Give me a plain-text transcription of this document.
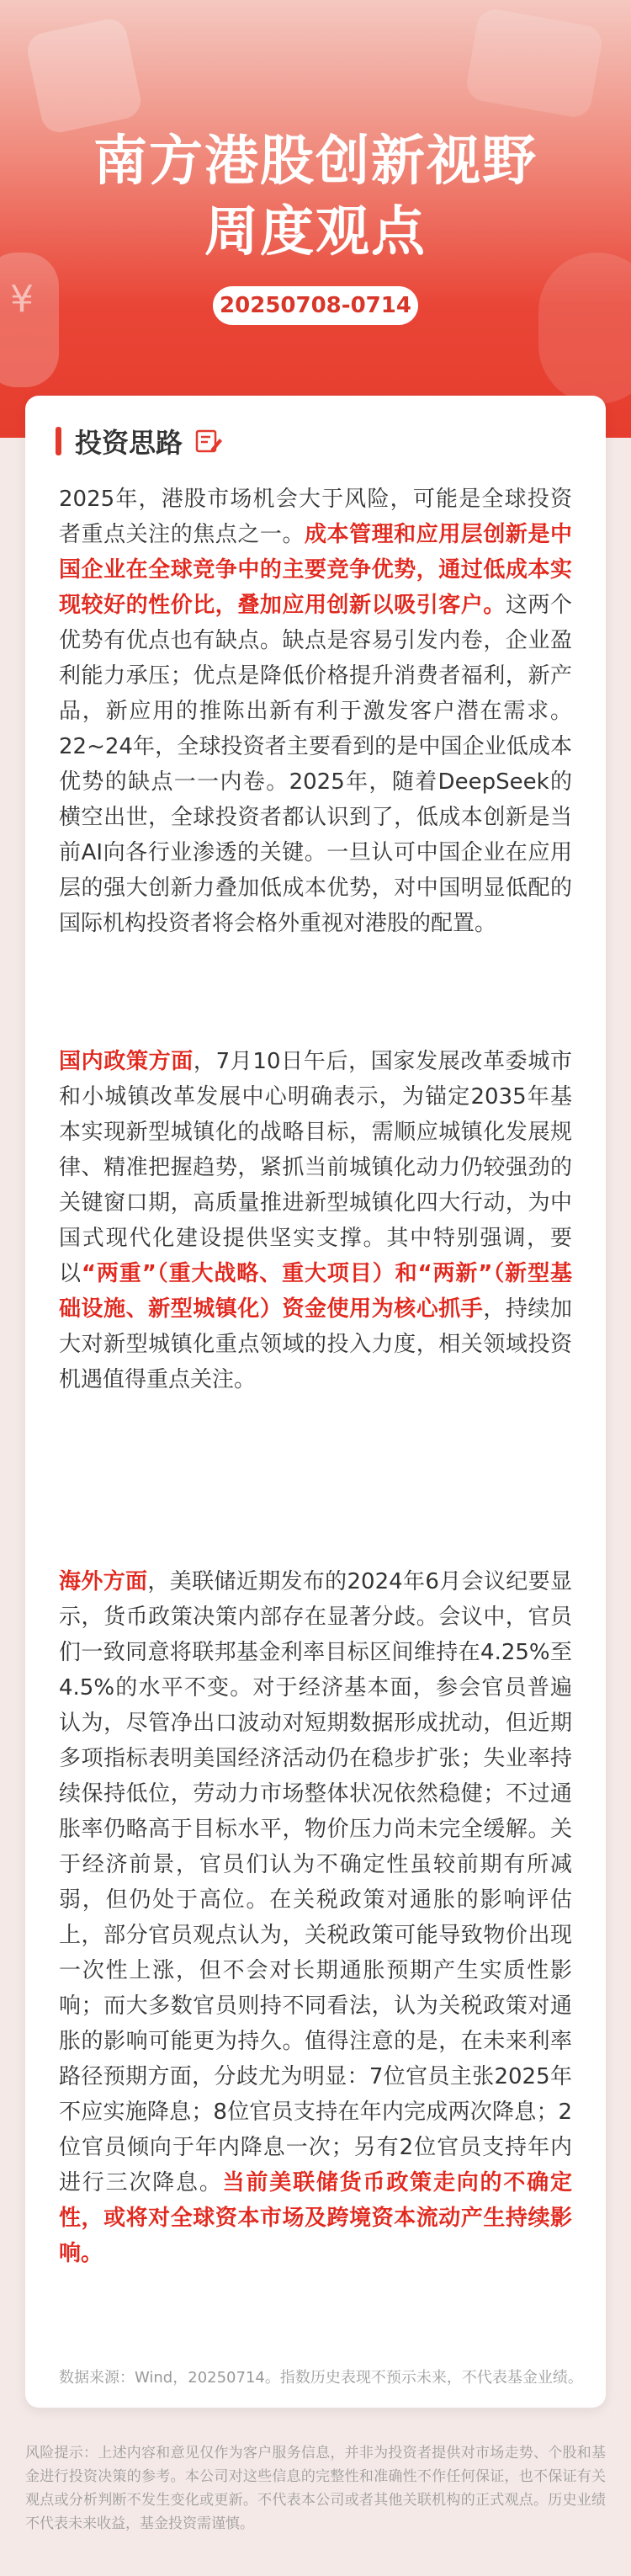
¥
南方港股创新视野
周度观点
20250708-0714
投资思路
2025年，港股市场机会大于风险，可能是全球投资者重点关注的焦点之一。成本管理和应用层创新是中国企业在全球竞争中的主要竞争优势，通过低成本实现较好的性价比，叠加应用创新以吸引客户。这两个优势有优点也有缺点。缺点是容易引发内卷，企业盈利能力承压；优点是降低价格提升消费者福利，新产品，新应用的推陈出新有利于激发客户潜在需求。22~24年，全球投资者主要看到的是中国企业低成本优势的缺点一一内卷。2025年，随着DeepSeek的横空出世，全球投资者都认识到了，低成本创新是当前AI向各行业渗透的关键。一旦认可中国企业在应用层的强大创新力叠加低成本优势，对中国明显低配的国际机构投资者将会格外重视对港股的配置。
国内政策方面，7月10日午后，国家发展改革委城市和小城镇改革发展中心明确表示，为锚定2035年基本实现新型城镇化的战略目标，需顺应城镇化发展规律、精准把握趋势，紧抓当前城镇化动力仍较强劲的关键窗口期，高质量推进新型城镇化四大行动，为中国式现代化建设提供坚实支撑。其中特别强调，要以“两重”（重大战略、重大项目）和“两新”（新型基础设施、新型城镇化）资金使用为核心抓手，持续加大对新型城镇化重点领域的投入力度，相关领域投资机遇值得重点关注。
海外方面，美联储近期发布的2024年6月会议纪要显示，货币政策决策内部存在显著分歧。会议中，官员们一致同意将联邦基金利率目标区间维持在4.25%至4.5%的水平不变。对于经济基本面，参会官员普遍认为，尽管净出口波动对短期数据形成扰动，但近期多项指标表明美国经济活动仍在稳步扩张；失业率持续保持低位，劳动力市场整体状况依然稳健；不过通胀率仍略高于目标水平，物价压力尚未完全缓解。关于经济前景，官员们认为不确定性虽较前期有所减弱，但仍处于高位。在关税政策对通胀的影响评估上，部分官员观点认为，关税政策可能导致物价出现一次性上涨，但不会对长期通胀预期产生实质性影响；而大多数官员则持不同看法，认为关税政策对通胀的影响可能更为持久。值得注意的是，在未来利率路径预期方面，分歧尤为明显：7位官员主张2025年不应实施降息；8位官员支持在年内完成两次降息；2位官员倾向于年内降息一次；另有2位官员支持年内进行三次降息。当前美联储货币政策走向的不确定性，或将对全球资本市场及跨境资本流动产生持续影响。
数据来源：Wind，20250714。指数历史表现不预示未来，不代表基金业绩。
风险提示：上述内容和意见仅作为客户服务信息，并非为投资者提供对市场走势、个股和基金进行投资决策的参考。本公司对这些信息的完整性和准确性不作任何保证，也不保证有关观点或分析判断不发生变化或更新。不代表本公司或者其他关联机构的正式观点。历史业绩不代表未来收益，基金投资需谨慎。
